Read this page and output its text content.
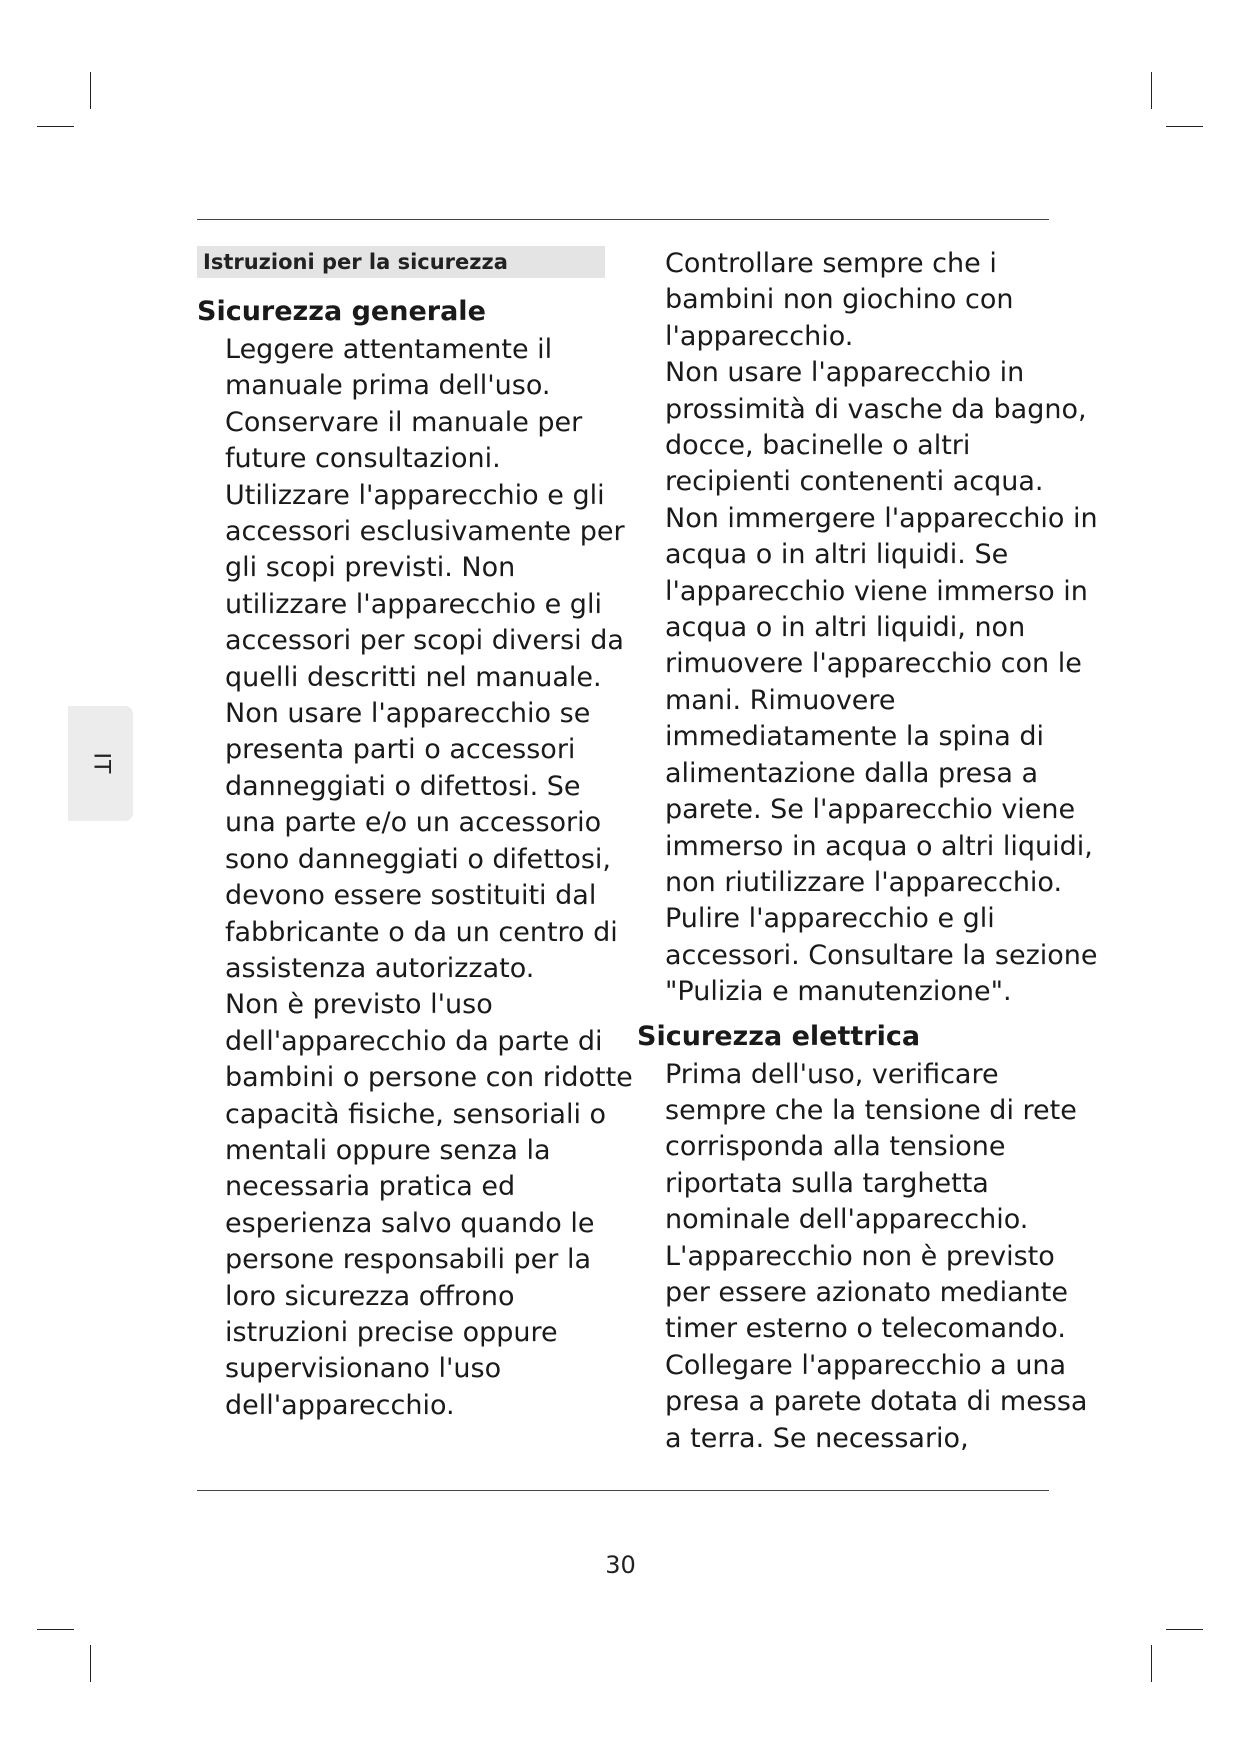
IT
Istruzioni per la sicurezza
Sicurezza generale
Leggere attentamente il manuale prima dell'uso. Conservare il manuale per future consultazioni.
Utilizzare l'apparecchio e gli accessori esclusivamente per gli scopi previsti. Non utilizzare l'apparecchio e gli accessori per scopi diversi da quelli descritti nel manuale.
Non usare l'apparecchio se presenta parti o accessori danneggiati o difettosi. Se una parte e/o un accessorio sono danneggiati o difettosi, devono essere sostituiti dal fabbricante o da un centro di assistenza autorizzato.
Non è previsto l'uso dell'apparecchio da parte di bambini o persone con ridotte capacità fisiche, sensoriali o mentali oppure senza la necessaria pratica ed esperienza salvo quando le persone responsabili per la loro sicurezza offrono istruzioni precise oppure supervisionano l'uso dell'apparecchio.
Controllare sempre che i bambini non giochino con l'apparecchio.
Non usare l'apparecchio in prossimità di vasche da bagno, docce, bacinelle o altri recipienti contenenti acqua.
Non immergere l'apparecchio in acqua o in altri liquidi. Se l'apparecchio viene immerso in acqua o in altri liquidi, non rimuovere l'apparecchio con le mani. Rimuovere immediatamente la spina di alimentazione dalla presa a parete. Se l'apparecchio viene immerso in acqua o altri liquidi, non riutilizzare l'apparecchio.
Pulire l'apparecchio e gli accessori. Consultare la sezione "Pulizia e manutenzione".
Sicurezza elettrica
Prima dell'uso, verificare sempre che la tensione di rete corrisponda alla tensione riportata sulla targhetta nominale dell'apparecchio.
L'apparecchio non è previsto per essere azionato mediante timer esterno o telecomando.
Collegare l'apparecchio a una presa a parete dotata di messa a terra. Se necessario,
30
